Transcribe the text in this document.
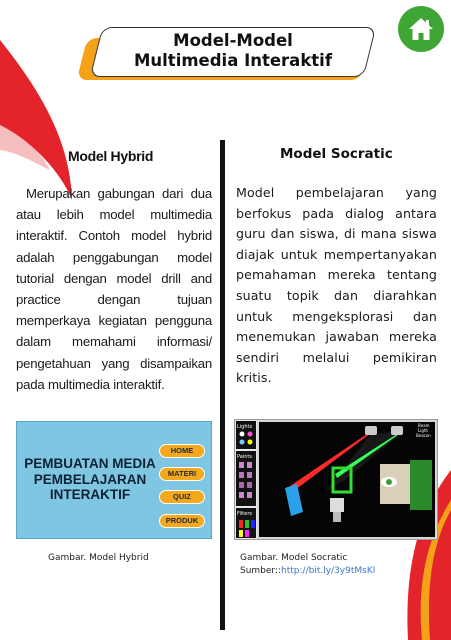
Model-Model
Multimedia Interaktif
Model Hybrid

Merupakan gabungan dari dua atau lebih model multimedia interaktif. Contoh model hybrid adalah penggabungan model tutorial dengan model drill and practice dengan tujuan memperkaya kegiatan pengguna dalam memahami informasi/ pengetahuan yang disampaikan pada multimedia interaktif.

PEMBUATAN MEDIA
PEMBELAJARAN
INTERAKTIF
HOME
MATERI
QUIZ
PRODUK
Gambar. Model Hybrid
Model Socratic

Model pembelajaran yang berfokus pada dialog antara guru dan siswa, di mana siswa diajak untuk mempertanyakan pemahaman mereka tentang suatu topik dan diarahkan untuk mengeksplorasi dan menemukan jawaban mereka sendiri melalui pemikiran kritis.

Lights
Paints
Filters
Beam
Light
Beacon
Gambar. Model Socratic
Sumber::http://bit.ly/3y9tMsKl
